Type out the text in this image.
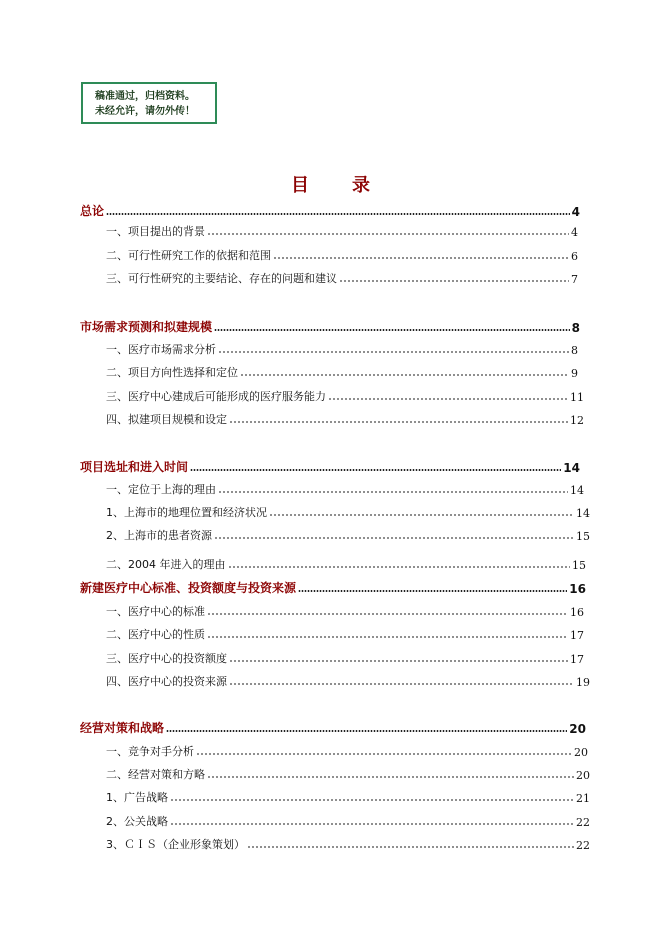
稿准通过，归档资料。
未经允许，请勿外传！
目 录
总论	4
一、项目提出的背景	4
二、可行性研究工作的依据和范围	6
三、可行性研究的主要结论、存在的问题和建议	7
市场需求预测和拟建规模	8
一、医疗市场需求分析	8
二、项目方向性选择和定位	9
三、医疗中心建成后可能形成的医疗服务能力	11
四、拟建项目规模和设定	12
项目选址和进入时间	14
一、定位于上海的理由	14
1、上海市的地理位置和经济状况	14
2、上海市的患者资源	15
二、2004 年进入的理由	15
新建医疗中心标准、投资额度与投资来源	16
一、医疗中心的标准	16
二、医疗中心的性质	17
三、医疗中心的投资额度	17
四、医疗中心的投资来源	19
经营对策和战略	20
一、竞争对手分析	20
二、经营对策和方略	20
1、广告战略	21
2、公关战略	22
3、ＣＩＳ（企业形象策划）	22
